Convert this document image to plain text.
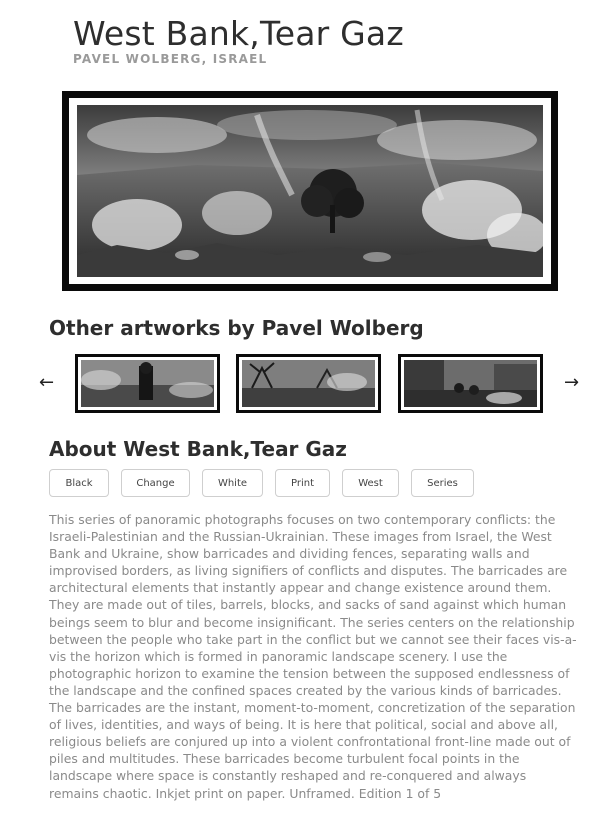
West Bank,Tear Gaz
PAVEL WOLBERG, ISRAEL
Other artworks by Pavel Wolberg
←	→
About West Bank,Tear Gaz
Black	Change	White	Print	West	Series

This series of panoramic photographs focuses on two contemporary conflicts: the Israeli-Palestinian and the Russian-Ukrainian. These images from Israel, the West Bank and Ukraine, show barricades and dividing fences, separating walls and improvised borders, as living signifiers of conflicts and disputes. The barricades are architectural elements that instantly appear and change existence around them. They are made out of tiles, barrels, blocks, and sacks of sand against which human beings seem to blur and become insignificant. The series centers on the relationship between the people who take part in the conflict but we cannot see their faces vis-a-vis the horizon which is formed in panoramic landscape scenery. I use the photographic horizon to examine the tension between the supposed endlessness of the landscape and the confined spaces created by the various kinds of barricades. The barricades are the instant, moment-to-moment, concretization of the separation of lives, identities, and ways of being. It is here that political, social and above all, religious beliefs are conjured up into a violent confrontational front-line made out of piles and multitudes. These barricades become turbulent focal points in the landscape where space is constantly reshaped and re-conquered and always remains chaotic. Inkjet print on paper. Unframed. Edition 1 of 5
